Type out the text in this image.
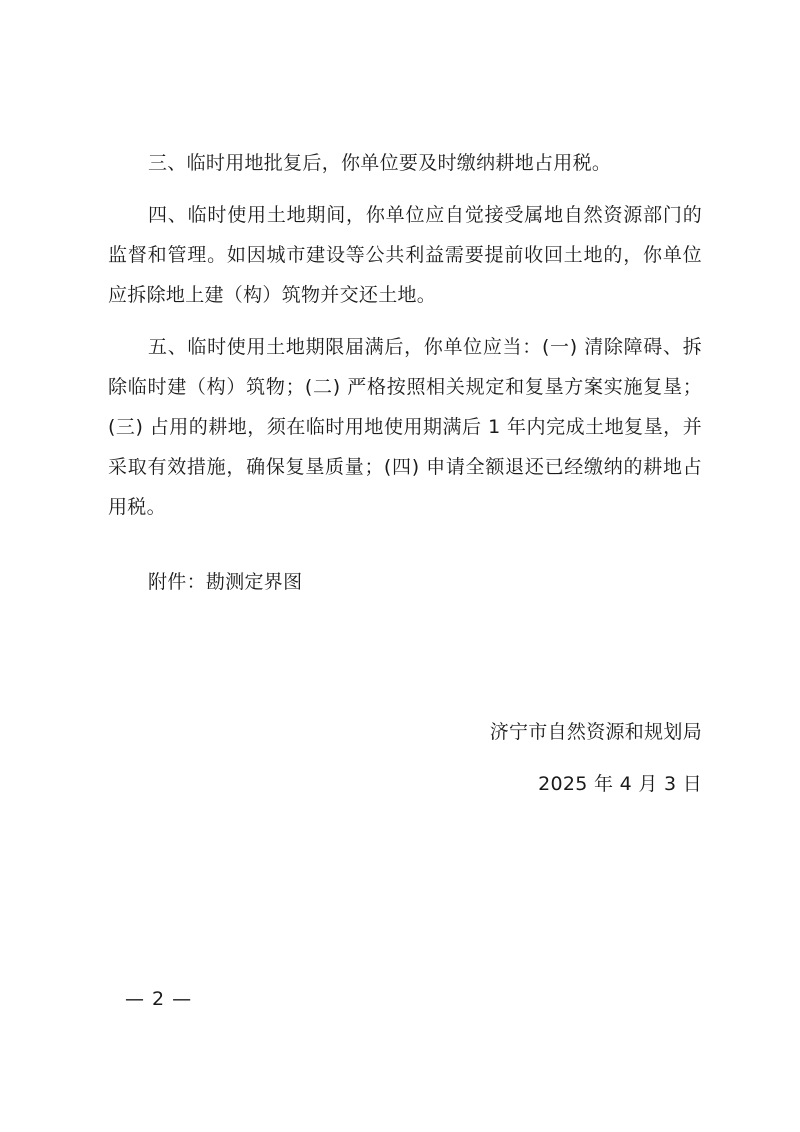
三、临时用地批复后，你单位要及时缴纳耕地占用税。

四、临时使用土地期间，你单位应自觉接受属地自然资源部门的监督和管理。如因城市建设等公共利益需要提前收回土地的，你单位应拆除地上建（构）筑物并交还土地。

五、临时使用土地期限届满后，你单位应当：(一) 清除障碍、拆除临时建（构）筑物；(二) 严格按照相关规定和复垦方案实施复垦；(三) 占用的耕地，须在临时用地使用期满后 1 年内完成土地复垦，并采取有效措施，确保复垦质量；(四) 申请全额退还已经缴纳的耕地占用税。

附件：勘测定界图

济宁市自然资源和规划局
2025 年 4 月 3 日
— 2 —
